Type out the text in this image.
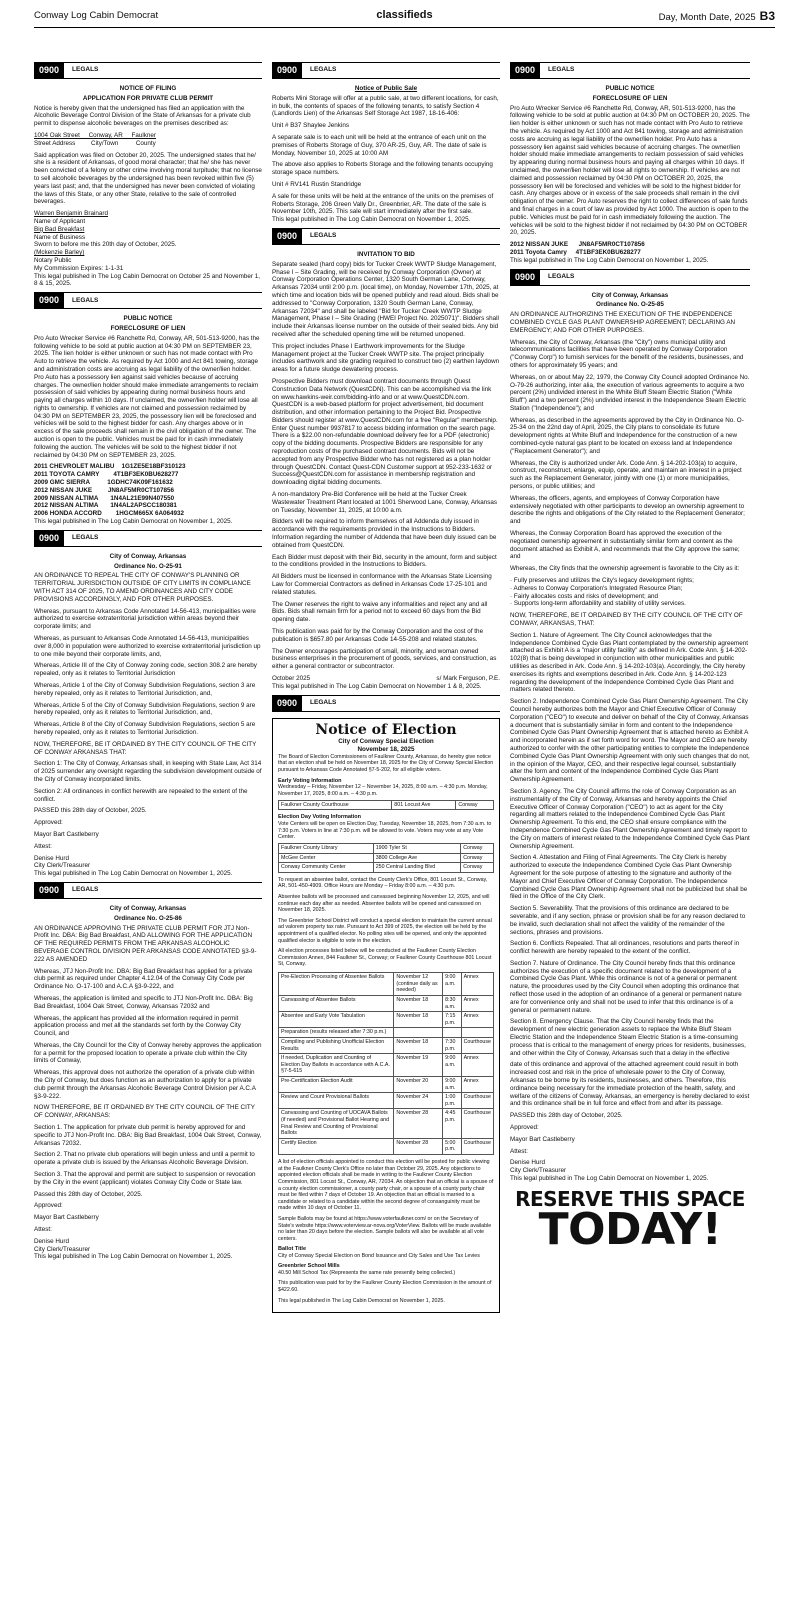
Conway Log Cabin Democrat	classifieds	Day, Month Date, 2025 B3
0900	LEGALS
NOTICE OF FILING
APPLICATION FOR PRIVATE CLUB PERMIT

Notice is hereby given that the undersigned has filed an application with the Alcoholic Beverage Control Division of the State of Arkansas for a private club permit to dispense alcoholic beverages on the premises described as:

1004 Oak Street     Conway, AR     Faulkner

Street Address         City/Town          County

Said application was filed on October 20, 2025. The undersigned states that he/ she is a resident of Arkansas, of good moral character; that he/ she has never been convicted of a felony or other crime involving moral turpitude; that no license to sell alcoholic beverages by the undersigned has been revoked within five (5) years last past; and, that the undersigned has never been convicted of violating the laws of this State, or any other State, relative to the sale of controlled beverages.

Warren Benjamin Brainard
Name of Applicant
Big Bad Breakfast
Name of Business
Sworn to before me this 20th day of October, 2025.
(Mckenzie Barley)
Notary Public
My Commission Expires: 1-1-31

This legal published in The Log Cabin Democrat on October 25 and November 1, 8 & 15, 2025.

0900	LEGALS
PUBLIC NOTICE
FORECLOSURE OF LIEN

Pro Auto Wrecker Service #6 Ranchette Rd, Conway, AR, 501-513-9200, has the following vehicle to be sold at public auction at 04:30 PM on SEPTEMBER 23, 2025. The lien holder is either unknown or such has not made contact with Pro Auto to retrieve the vehicle. As required by Act 1000 and Act 841 towing, storage and administration costs are accruing as legal liability of the owner/lien holder. Pro Auto has a possessory lien against said vehicles because of accruing charges. The owner/lien holder should make immediate arrangements to reclaim possession of said vehicles by appearing during normal business hours and paying all charges within 10 days. If unclaimed, the owner/lien holder will lose all rights to ownership. If vehicles are not claimed and possession reclaimed by 04:30 PM on SEPTEMBER 23, 2025, the possessory lien will be foreclosed and vehicles will be sold to the highest bidder for cash. Any charges above or in excess of the sale proceeds shall remain in the civil obligation of the owner. The auction is open to the public. Vehicles must be paid for in cash immediately following the auction. The vehicles will be sold to the highest bidder if not reclaimed by 04:30 PM on SEPTEMBER 23, 2025.

2011 CHEVROLET MALIBU    1G1ZE5E18BF310123
2011 TOYOTA CAMRY        4T1BF3EK0BU628277
2009 GMC SIERRA          1GDHC74K09F161632
2012 NISSAN JUKE         JN8AF5MR0CT107856
2009 NISSAN ALTIMA       1N4AL21E99N407550
2012 NISSAN ALTIMA       1N4AL2APSCC180381
2006 HONDA ACCORD        1HGCM665X 6A064932

This legal published in The Log Cabin Democrat on November 1, 2025.

0900	LEGALS
City of Conway, Arkansas
Ordinance No. O-25-91

AN ORDINANCE TO REPEAL THE CITY OF CONWAY'S PLANNING OR TERRITORIAL JURISDICTION OUTSIDE OF CITY LIMITS IN COMPLIANCE WITH ACT 314 OF 2025, TO AMEND ORDINANCES AND CITY CODE PROVISIONS ACCORDINGLY, AND FOR OTHER PURPOSES.

Whereas, pursuant to Arkansas Code Annotated 14-56-413, municipalities were authorized to exercise extraterritorial jurisdiction within areas beyond their corporate limits; and

Whereas, as pursuant to Arkansas Code Annotated 14-56-413, municipalities over 8,000 in population were authorized to exercise extraterritorial jurisdiction up to one mile beyond their corporate limits, and,

Whereas, Article III of the City of Conway zoning code, section 308.2 are hereby repealed, only as it relates to Territorial Jurisdiction

Whereas, Article 1 of the City of Conway Subdivision Regulations, section 3 are hereby repealed, only as it relates to Territorial Jurisdiction, and,

Whereas, Article 5 of the City of Conway Subdivision Regulations, section 9 are hereby repealed, only as it relates to Territorial Jurisdiction, and,

Whereas, Article 8 of the City of Conway Subdivision Regulations, section 5 are hereby repealed, only as it relates to Territorial Jurisdiction.

NOW, THEREFORE, BE IT ORDAINED BY THE CITY COUNCIL OF THE CITY OF CONWAY ARKANSAS THAT:

Section 1: The City of Conway, Arkansas shall, in keeping with State Law, Act 314 of 2025 surrender any oversight regarding the subdivision development outside of the City of Conway incorporated limits.

Section 2: All ordinances in conflict herewith are repealed to the extent of the conflict.

PASSED this 28th day of October, 2025.

Approved:

Mayor Bart Castleberry

Attest:

Denise Hurd
City Clerk/Treasurer

This legal published in The Log Cabin Democrat on November 1, 2025.

0900	LEGALS
City of Conway, Arkansas
Ordinance No. O-25-86

AN ORDINANCE APPROVING THE PRIVATE CLUB PERMIT FOR JTJ Non-Profit Inc. DBA: Big Bad Breakfast, AND ALLOWING FOR THE APPLICATION OF THE REQUIRED PERMITS FROM THE ARKANSAS ALCOHOLIC BEVERAGE CONTROL DIVISION PER ARKANSAS CODE ANNOTATED §3-9-222 AS AMENDED

Whereas, JTJ Non-Profit Inc. DBA: Big Bad Breakfast has applied for a private club permit as required under Chapter 4.12.04 of the Conway City Code per Ordinance No. O-17-100 and A.C.A §3-9-222, and

Whereas, the application is limited and specific to JTJ Non-Profit Inc. DBA: Big Bad Breakfast, 1004 Oak Street, Conway, Arkansas 72032 and

Whereas, the applicant has provided all the information required in permit application process and met all the standards set forth by the Conway City Council, and

Whereas, the City Council for the City of Conway hereby approves the application for a permit for the proposed location to operate a private club within the City limits of Conway,

Whereas, this approval does not authorize the operation of a private club within the City of Conway, but does function as an authorization to apply for a private club permit through the Arkansas Alcoholic Beverage Control Division per A.C.A §3-9-222.

NOW THEREFORE, BE IT ORDAINED BY THE CITY COUNCIL OF THE CITY OF CONWAY, ARKANSAS:

Section 1. The application for private club permit is hereby approved for and specific to JTJ Non-Profit Inc. DBA: Big Bad Breakfast, 1004 Oak Street, Conway, Arkansas 72032.

Section 2. That no private club operations will begin unless and until a permit to operate a private club is issued by the Arkansas Alcoholic Beverage Division.

Section 3. That the approval and permit are subject to suspension or revocation by the City in the event (applicant) violates Conway City Code or State law.

Passed this 28th day of October, 2025.

Approved:

Mayor Bart Castleberry

Attest:

Denise Hurd
City Clerk/Treasurer

This legal published in The Log Cabin Democrat on November 1, 2025.

0900	LEGALS
Notice of Public Sale

Roberts Mini Storage will offer at a public sale, at two different locations, for cash, in bulk, the contents of spaces of the following tenants, to satisfy Section 4 (Landlords Lien) of the Arkansas Self Storage Act 1987, 18-16-406:

Unit # B37 Shaylee Jenkins

A separate sale is to each unit will be held at the entrance of each unit on the premises of Roberts Storage of Guy, 370 AR-25, Guy, AR. The date of sale is Monday, November 10, 2025 at 10:00 AM

The above also applies to Roberts Storage and the following tenants occupying storage space numbers.

Unit # RV141 Rustin Standridge

A sale for these units will be held at the entrance of the units on the premises of Roberts Storage, 206 Green Vally Dr., Greenbrier, AR. The date of the sale is November 10th, 2025. This sale will start immediately after the first sale.

This legal published in The Log Cabin Democrat on November 1, 2025.

0900	LEGALS
INVITATION TO BID

Separate sealed (hard copy) bids for Tucker Creek WWTP Sludge Management, Phase I – Site Grading, will be received by Conway Corporation (Owner) at Conway Corporation Operations Center, 1320 South German Lane, Conway, Arkansas 72034 until 2:00 p.m. (local time), on Monday, November 17th, 2025, at which time and location bids will be opened publicly and read aloud. Bids shall be addressed to "Conway Corporation, 1320 South German Lane, Conway, Arkansas 72034" and shall be labeled "Bid for Tucker Creek WWTP Sludge Management, Phase I – Site Grading (HWEI Project No. 2025071)". Bidders shall include their Arkansas license number on the outside of their sealed bids. Any bid received after the scheduled opening time will be returned unopened.

This project includes Phase I Earthwork improvements for the Sludge Management project at the Tucker Creek WWTP site. The project principally includes earthwork and site grading required to construct two (2) earthen laydown areas for a future sludge dewatering process.

Prospective Bidders must download contract documents through Quest Construction Data Network (QuestCDN). This can be accomplished via the link on www.hawkins-weir.com/bidding-info and or at www.QuestCDN.com. QuestCDN is a web-based platform for project advertisement, bid document distribution, and other information pertaining to the Project Bid. Prospective Bidders should register at www.QuestCDN.com for a free "Regular" membership. Enter Quest number 9937817 to access bidding information on the search page. There is a $22.00 non-refundable download delivery fee for a PDF (electronic) copy of the bidding documents. Prospective Bidders are responsible for any reproduction costs of the purchased contract documents. Bids will not be accepted from any Prospective Bidder who has not registered as a plan holder through QuestCDN. Contact Quest-CDN Customer support at 952-233-1632 or Success@QuestCDN.com for assistance in membership registration and downloading digital bidding documents.

A non-mandatory Pre-Bid Conference will be held at the Tucker Creek Wastewater Treatment Plant located at 1001 Sherwood Lane, Conway, Arkansas on Tuesday, November 11, 2025, at 10:00 a.m.

Bidders will be required to inform themselves of all Addenda duly issued in accordance with the requirements provided in the Instructions to Bidders. Information regarding the number of Addenda that have been duly issued can be obtained from QuestCDN.

Each Bidder must deposit with their Bid, security in the amount, form and subject to the conditions provided in the Instructions to Bidders.

All Bidders must be licensed in conformance with the Arkansas State Licensing Law for Commercial Contractors as defined in Arkansas Code 17-25-101 and related statutes.

The Owner reserves the right to waive any informalities and reject any and all Bids. Bids shall remain firm for a period not to exceed 60 days from the Bid opening date.

This publication was paid for by the Conway Corporation and the cost of the publication is $657.80 per Arkansas Code 14-55-208 and related statutes.

The Owner encourages participation of small, minority, and woman owned business enterprises in the procurement of goods, services, and construction, as either a general contractor or subcontractor.

October 2025	s/ Mark Ferguson, P.E.

This legal published in The Log Cabin Democrat on November 1 & 8, 2025.

0900	LEGALS
Notice of Election
City of Conway Special Election
November 18, 2025

The Board of Election Commissioners of Faulkner County, Arkansas, do hereby give notice that an election shall be held on November 18, 2025 for the City of Conway Special Election pursuant to Arkansas Code Annotated §7-5-202, for all eligible voters.

Early Voting Information
Wednesday – Friday, November 12 – November 14, 2025, 8:00 a.m. – 4:30 p.m. Monday, November 17, 2025, 8:00 a.m. – 4:30 p.m.
Faulkner County Courthouse	801 Locust Ave	Conway
Election Day Voting Information
Vote Centers will be open on Election Day, Tuesday, November 18, 2025, from 7:30 a.m. to 7:30 p.m. Voters in line at 7:30 p.m. will be allowed to vote. Voters may vote at any Vote Center.
Faulkner County Library	1900 Tyler St	Conway
McGee Center	3800 College Ave	Conway
Conway Community Center	250 Central Landing Blvd	Conway

To request an absentee ballot, contact the County Clerk's Office, 801 Locust St., Conway, AR, 501-450-4909. Office Hours are Monday – Friday 8:00 a.m. – 4:30 p.m.

Absentee ballots will be processed and canvassed beginning November 12, 2025, and will continue each day after as needed. Absentee ballots will be opened and canvassed on November 18, 2025.

The Greenbrier School District will conduct a special election to maintain the current annual ad valorem property tax rate. Pursuant to Act 399 of 2025, the election will be held by the appointment of a qualified elector. No polling sites will be opened, and only the appointed qualified elector is eligible to vote in the election.

All election processes listed below will be conducted at the Faulkner County Election Commission Annex, 844 Faulkner St., Conway; or Faulkner County Courthouse 801 Locust St, Conway.

Pre-Election Processing of Absentee Ballots	November 12 (continue daily as needed)	9:00 a.m.	Annex
Canvassing of Absentee Ballots	November 18	8:30 a.m.	Annex
Absentee and Early Vote Tabulation	November 18	7:15 p.m.	Annex
Preparation (results released after 7:30 p.m.)			
Compiling and Publishing Unofficial Election Results	November 18	7:30 p.m.	Courthouse
If needed, Duplication and Counting of Election Day Ballots in accordance with A.C.A. §7-5-615	November 19	9:00 a.m.	Annex
Pre-Certification Election Audit	November 20	9:00 a.m.	Annex
Review and Count Provisional Ballots	November 24	1:00 p.m.	Courthouse
Canvassing and Counting of UOCAVA Ballots (if needed) and Provisional Ballot Hearing and Final Review and Counting of Provisional Ballots	November 28	4:45 p.m.	Courthouse
Certify Election	November 28	5:00 p.m.	Courthouse

A list of election officials appointed to conduct this election will be posted for public viewing at the Faulkner County Clerk's Office no later than October 29, 2025. Any objections to appointed election officials shall be made in writing to the Faulkner County Election Commission, 801 Locust St., Conway, AR, 72034. An objection that an official is a spouse of a county election commissioner, a county party chair, or a spouse of a county party chair must be filed within 7 days of October 19. An objection that an official is married to a candidate or related to a candidate within the second degree of consanguinity must be made within 10 days of October 11.

Sample Ballots may be found at https://www.voterfaulkner.com/ or on the Secretary of State's website https://www.voterview.ar-nova.org/VoterView. Ballots will be made available no later than 20 days before the election. Sample ballots will also be available at all vote centers.

Ballot Title
City of Conway Special Election on Bond Issuance and City Sales and Use Tax Levies
Greenbrier School Mills

40.50 Mill School Tax (Represents the same rate presently being collected.)

This publication was paid for by the Faulkner County Election Commission in the amount of $422.60.

This legal published in The Log Cabin Democrat on November 1, 2025.

0900	LEGALS
PUBLIC NOTICE
FORECLOSURE OF LIEN

Pro Auto Wrecker Service #6 Ranchette Rd, Conway, AR, 501-513-9200, has the following vehicle to be sold at public auction at 04:30 PM on OCTOBER 20, 2025. The lien holder is either unknown or such has not made contact with Pro Auto to retrieve the vehicle. As required by Act 1000 and Act 841 towing, storage and administration costs are accruing as legal liability of the owner/lien holder. Pro Auto has a possessory lien against said vehicles because of accruing charges. The owner/lien holder should make immediate arrangements to reclaim possession of said vehicles by appearing during normal business hours and paying all charges within 10 days. If unclaimed, the owner/lien holder will lose all rights to ownership. If vehicles are not claimed and possession reclaimed by 04:30 PM on OCTOBER 20, 2025, the possessory lien will be foreclosed and vehicles will be sold to the highest bidder for cash. Any charges above or in excess of the sale proceeds shall remain in the civil obligation of the owner. Pro Auto reserves the right to collect differences of sale funds and final charges in a court of law as provided by Act 1000. The auction is open to the public. Vehicles must be paid for in cash immediately following the auction. The vehicles will be sold to the highest bidder if not reclaimed by 04:30 PM on OCTOBER 20, 2025.

2012 NISSAN JUKE      JN8AF5MR0CT107856
2011 Toyota Camry     4T1BF3EK0BU628277

This legal published in The Log Cabin Democrat on November 1, 2025.

0900	LEGALS
City of Conway, Arkansas
Ordinance No. O-25-85

AN ORDINANCE AUTHORIZING THE EXECUTION OF THE INDEPENDENCE COMBINED CYCLE GAS PLANT OWNERSHIP AGREEMENT; DECLARING AN EMERGENCY; AND FOR OTHER PURPOSES.

Whereas, the City of Conway, Arkansas (the "City") owns municipal utility and telecommunications facilities that have been operated by Conway Corporation ("Conway Corp") to furnish services for the benefit of the residents, businesses, and others for approximately 95 years; and

Whereas, on or about May 22, 1979, the Conway City Council adopted Ordinance No. O-79-26 authorizing, inter alia, the execution of various agreements to acquire a two percent (2%) undivided interest in the White Bluff Steam Electric Station ("White Bluff") and a two percent (2%) undivided interest in the Independence Steam Electric Station ("Independence"); and

Whereas, as described in the agreements approved by the City in Ordinance No. O-25-34 on the 22nd day of April, 2025, the City plans to consolidate its future development rights at White Bluff and Independence for the construction of a new combined-cycle natural gas plant to be located on excess land at Independence ("Replacement Generator"); and

Whereas, the City is authorized under Ark. Code Ann. § 14-202-103(a) to acquire, construct, reconstruct, enlarge, equip, operate, and maintain an interest in a project such as the Replacement Generator, jointly with one (1) or more municipalities, persons, or public utilities; and

Whereas, the officers, agents, and employees of Conway Corporation have extensively negotiated with other participants to develop an ownership agreement to describe the rights and obligations of the City related to the Replacement Generator; and

Whereas, the Conway Corporation Board has approved the execution of the negotiated ownership agreement in substantially similar form and content as the document attached as Exhibit A, and recommends that the City approve the same; and

Whereas, the City finds that the ownership agreement is favorable to the City as it:

· Fully preserves and utilizes the City's legacy development rights;
· Adheres to Conway Corporation's Integrated Resource Plan;
· Fairly allocates costs and risks of development; and

· Supports long-term affordability and stability of utility services.

NOW, THEREFORE, BE IT ORDAINED BY THE CITY COUNCIL OF THE CITY OF CONWAY, ARKANSAS, THAT:

Section 1. Nature of Agreement. The City Council acknowledges that the Independence Combined Cycle Gas Plant contemplated by the ownership agreement attached as Exhibit A is a "major utility facility" as defined in Ark. Code Ann. § 14-202-102(8) that is being developed in conjunction with other municipalities and public utilities as described in Ark. Code Ann. § 14-202-103(a). Accordingly, the City hereby exercises its rights and exemptions described in Ark. Code Ann. § 14-202-123 regarding the development of the Independence Combined Cycle Gas Plant and matters related thereto.

Section 2. Independence Combined Cycle Gas Plant Ownership Agreement. The City Council hereby authorizes both the Mayor and Chief Executive Officer of Conway Corporation ("CEO") to execute and deliver on behalf of the City of Conway, Arkansas a document that is substantially similar in form and content to the Independence Combined Cycle Gas Plant Ownership Agreement that is attached hereto as Exhibit A and incorporated herein as if set forth word for word. The Mayor and CEO are hereby authorized to confer with the other participating entities to complete the Independence Combined Cycle Gas Plant Ownership Agreement with only such changes that do not, in the opinion of the Mayor, CEO, and their respective legal counsel, substantially alter the form and content of the Independence Combined Cycle Gas Plant Ownership Agreement.

Section 3. Agency. The City Council affirms the role of Conway Corporation as an instrumentality of the City of Conway, Arkansas and hereby appoints the Chief Executive Officer of Conway Corporation ("CEO") to act as agent for the City regarding all matters related to the Independence Combined Cycle Gas Plant Ownership Agreement. To this end, the CEO shall ensure compliance with the Independence Combined Cycle Gas Plant Ownership Agreement and timely report to the City on matters of interest related to the Independence Combined Cycle Gas Plant Ownership Agreement.

Section 4. Attestation and Filing of Final Agreements. The City Clerk is hereby authorized to execute the Independence Combined Cycle Gas Plant Ownership Agreement for the sole purpose of attesting to the signature and authority of the Mayor and Chief Executive Officer of Conway Corporation. The Independence Combined Cycle Gas Plant Ownership Agreement shall not be publicized but shall be filed in the Office of the City Clerk.

Section 5. Severability. That the provisions of this ordinance are declared to be severable, and if any section, phrase or provision shall be for any reason declared to be invalid, such declaration shall not affect the validity of the remainder of the sections, phrases and provisions.

Section 6. Conflicts Repealed. That all ordinances, resolutions and parts thereof in conflict herewith are hereby repealed to the extent of the conflict.

Section 7. Nature of Ordinance. The City Council hereby finds that this ordinance authorizes the execution of a specific document related to the development of a Combined Cycle Gas Plant. While this ordinance is not of a general or permanent nature, the procedures used by the City Council when adopting this ordinance that reflect those used in the adoption of an ordinance of a general or permanent nature are for convenience only and shall not be used to infer that this ordinance is of a general or permanent nature.

Section 8. Emergency Clause. That the City Council hereby finds that the development of new electric generation assets to replace the White Bluff Steam Electric Station and the Independence Steam Electric Station is a time-consuming process that is critical to the management of energy prices for residents, businesses, and other within the City of Conway, Arkansas such that a delay in the effective

date of this ordinance and approval of the attached agreement could result in both increased cost and risk in the price of wholesale power to the City of Conway, Arkansas to be borne by its residents, businesses, and others. Therefore, this ordinance being necessary for the immediate protection of the health, safety, and welfare of the citizens of Conway, Arkansas, an emergency is hereby declared to exist and this ordinance shall be in full force and effect from and after its passage.

PASSED this 28th day of October, 2025.

Approved:

Mayor Bart Castleberry

Attest:

Denise Hurd
City Clerk/Treasurer

This legal published in The Log Cabin Democrat on November 1, 2025.

RESERVE THIS SPACE
TODAY!
